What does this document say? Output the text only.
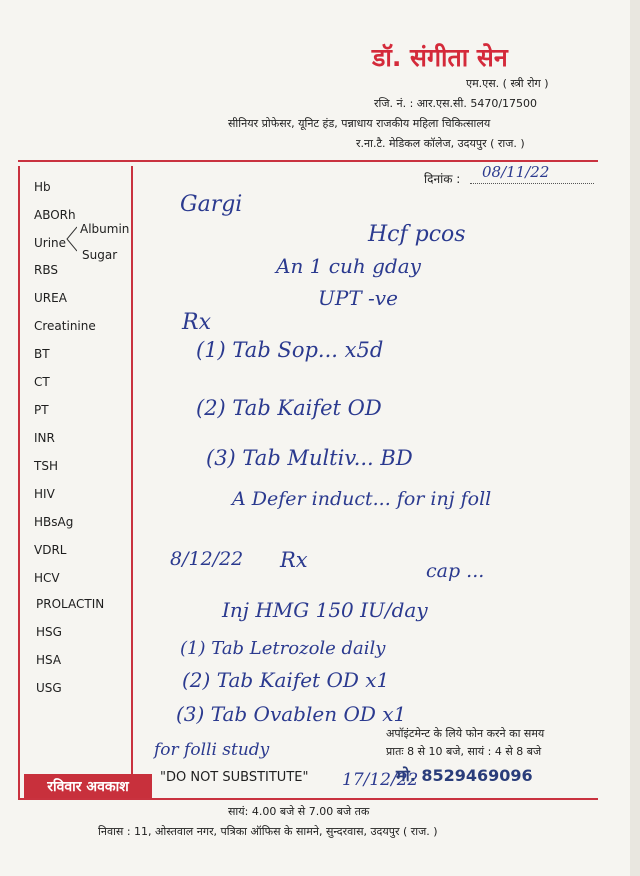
डॉ. संगीता सेन
एम.एस. ( स्त्री रोग )
रजि. नं. : आर.एस.सी. 5470/17500
सीनियर प्रोफेसर, यूनिट हंड, पन्नाधाय राजकीय महिला चिकित्सालय
र.ना.टै. मेडिकल कॉलेज, उदयपुर ( राज. )
दिनांक : 08/11/22
Hb
ABORh
Urine
Albumin
Sugar
RBS
UREA
Creatinine
BT
CT
PT
INR
TSH
HIV
HBsAg
VDRL
HCV
PROLACTIN
HSG
HSA
USG
Gargi
Hcf pcos
An 1 cuh gday
UPT -ve
Rx
(1) Tab Sop... x5d
(2) Tab Kaifet OD
(3) Tab Multiv... BD
A Defer induct... for inj foll
8/12/22 Rx	cap ...
Inj HMG 150 IU/day
(1) Tab Letrozole daily
(2) Tab Kaifet OD x1
(3) Tab Ovablen OD x1
for folli study
17/12/22
अपॉइंटमेन्ट के लिये फोन करने का समय
प्रातः 8 से 10 बजे, सायं : 4 से 8 बजे
मो. 8529469096
रविवार अवकाश
"DO NOT SUBSTITUTE"
सायं: 4.00 बजे से 7.00 बजे तक
निवास : 11, ओस्तवाल नगर, पत्रिका ऑफिस के सामने, सुन्दरवास, उदयपुर ( राज. )
